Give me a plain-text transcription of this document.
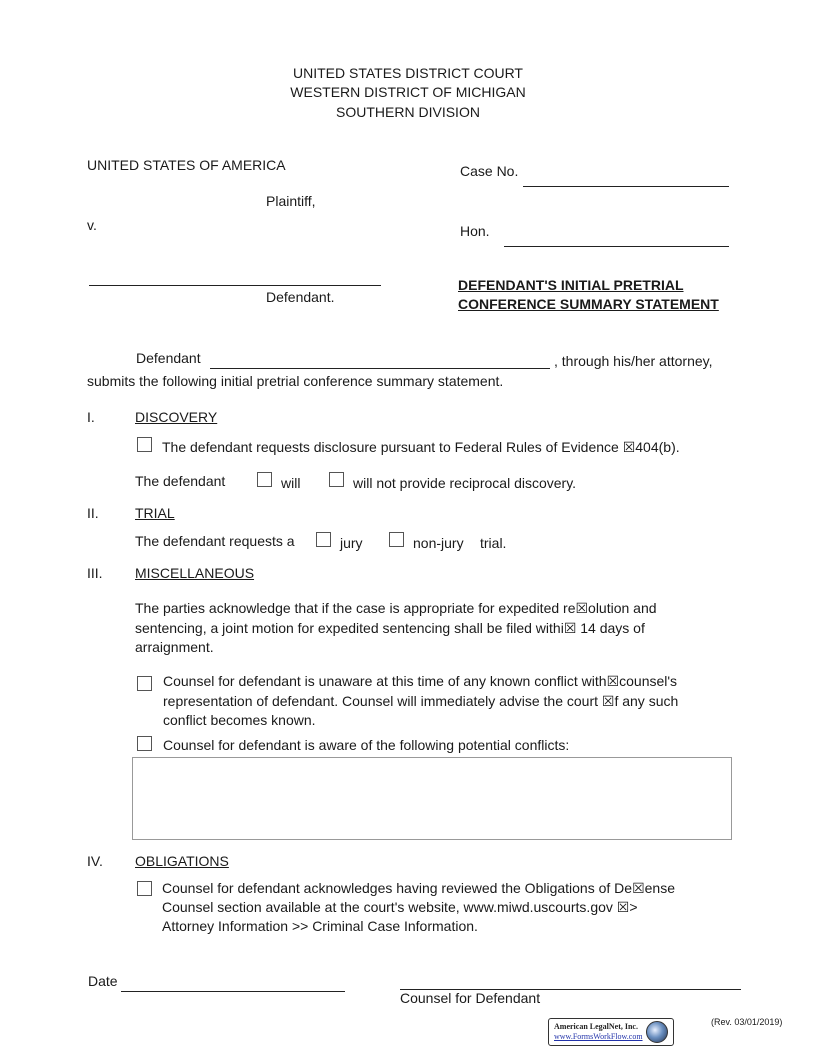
UNITED STATES DISTRICT COURT
WESTERN DISTRICT OF MICHIGAN
SOUTHERN DIVISION
UNITED STATES OF AMERICA
Plaintiff,
v.
Defendant.
Case No.
Hon.
DEFENDANT'S INITIAL PRETRIAL
CONFERENCE SUMMARY STATEMENT
Defendant	, through his/her attorney,
submits the following initial pretrial conference summary statement.
I.	DISCOVERY
The defendant requests disclosure pursuant to Federal Rules of Evidence ☒404(b).
The defendant	will	will not provide reciprocal discovery.
II.	TRIAL
The defendant requests a	jury	non-jury trial.
III. MISCELLANEOUS
The parties acknowledge that if the case is appropriate for expedited re☒olution and
sentencing, a joint motion for expedited sentencing shall be filed withi☒ 14 days of
arraignment.
Counsel for defendant is unaware at this time of any known conflict with☒counsel's
representation of defendant. Counsel will immediately advise the court ☒f any such
conflict becomes known.
Counsel for defendant is aware of the following potential conflicts:
IV. OBLIGATIONS
Counsel for defendant acknowledges having reviewed the Obligations of De☒ense
Counsel section available at the court's website, www.miwd.uscourts.gov ☒>
Attorney Information >> Criminal Case Information.
Date
Counsel for Defendant
American LegalNet, Inc.
www.FormsWorkFlow.com
(Rev. 03/01/2019)
